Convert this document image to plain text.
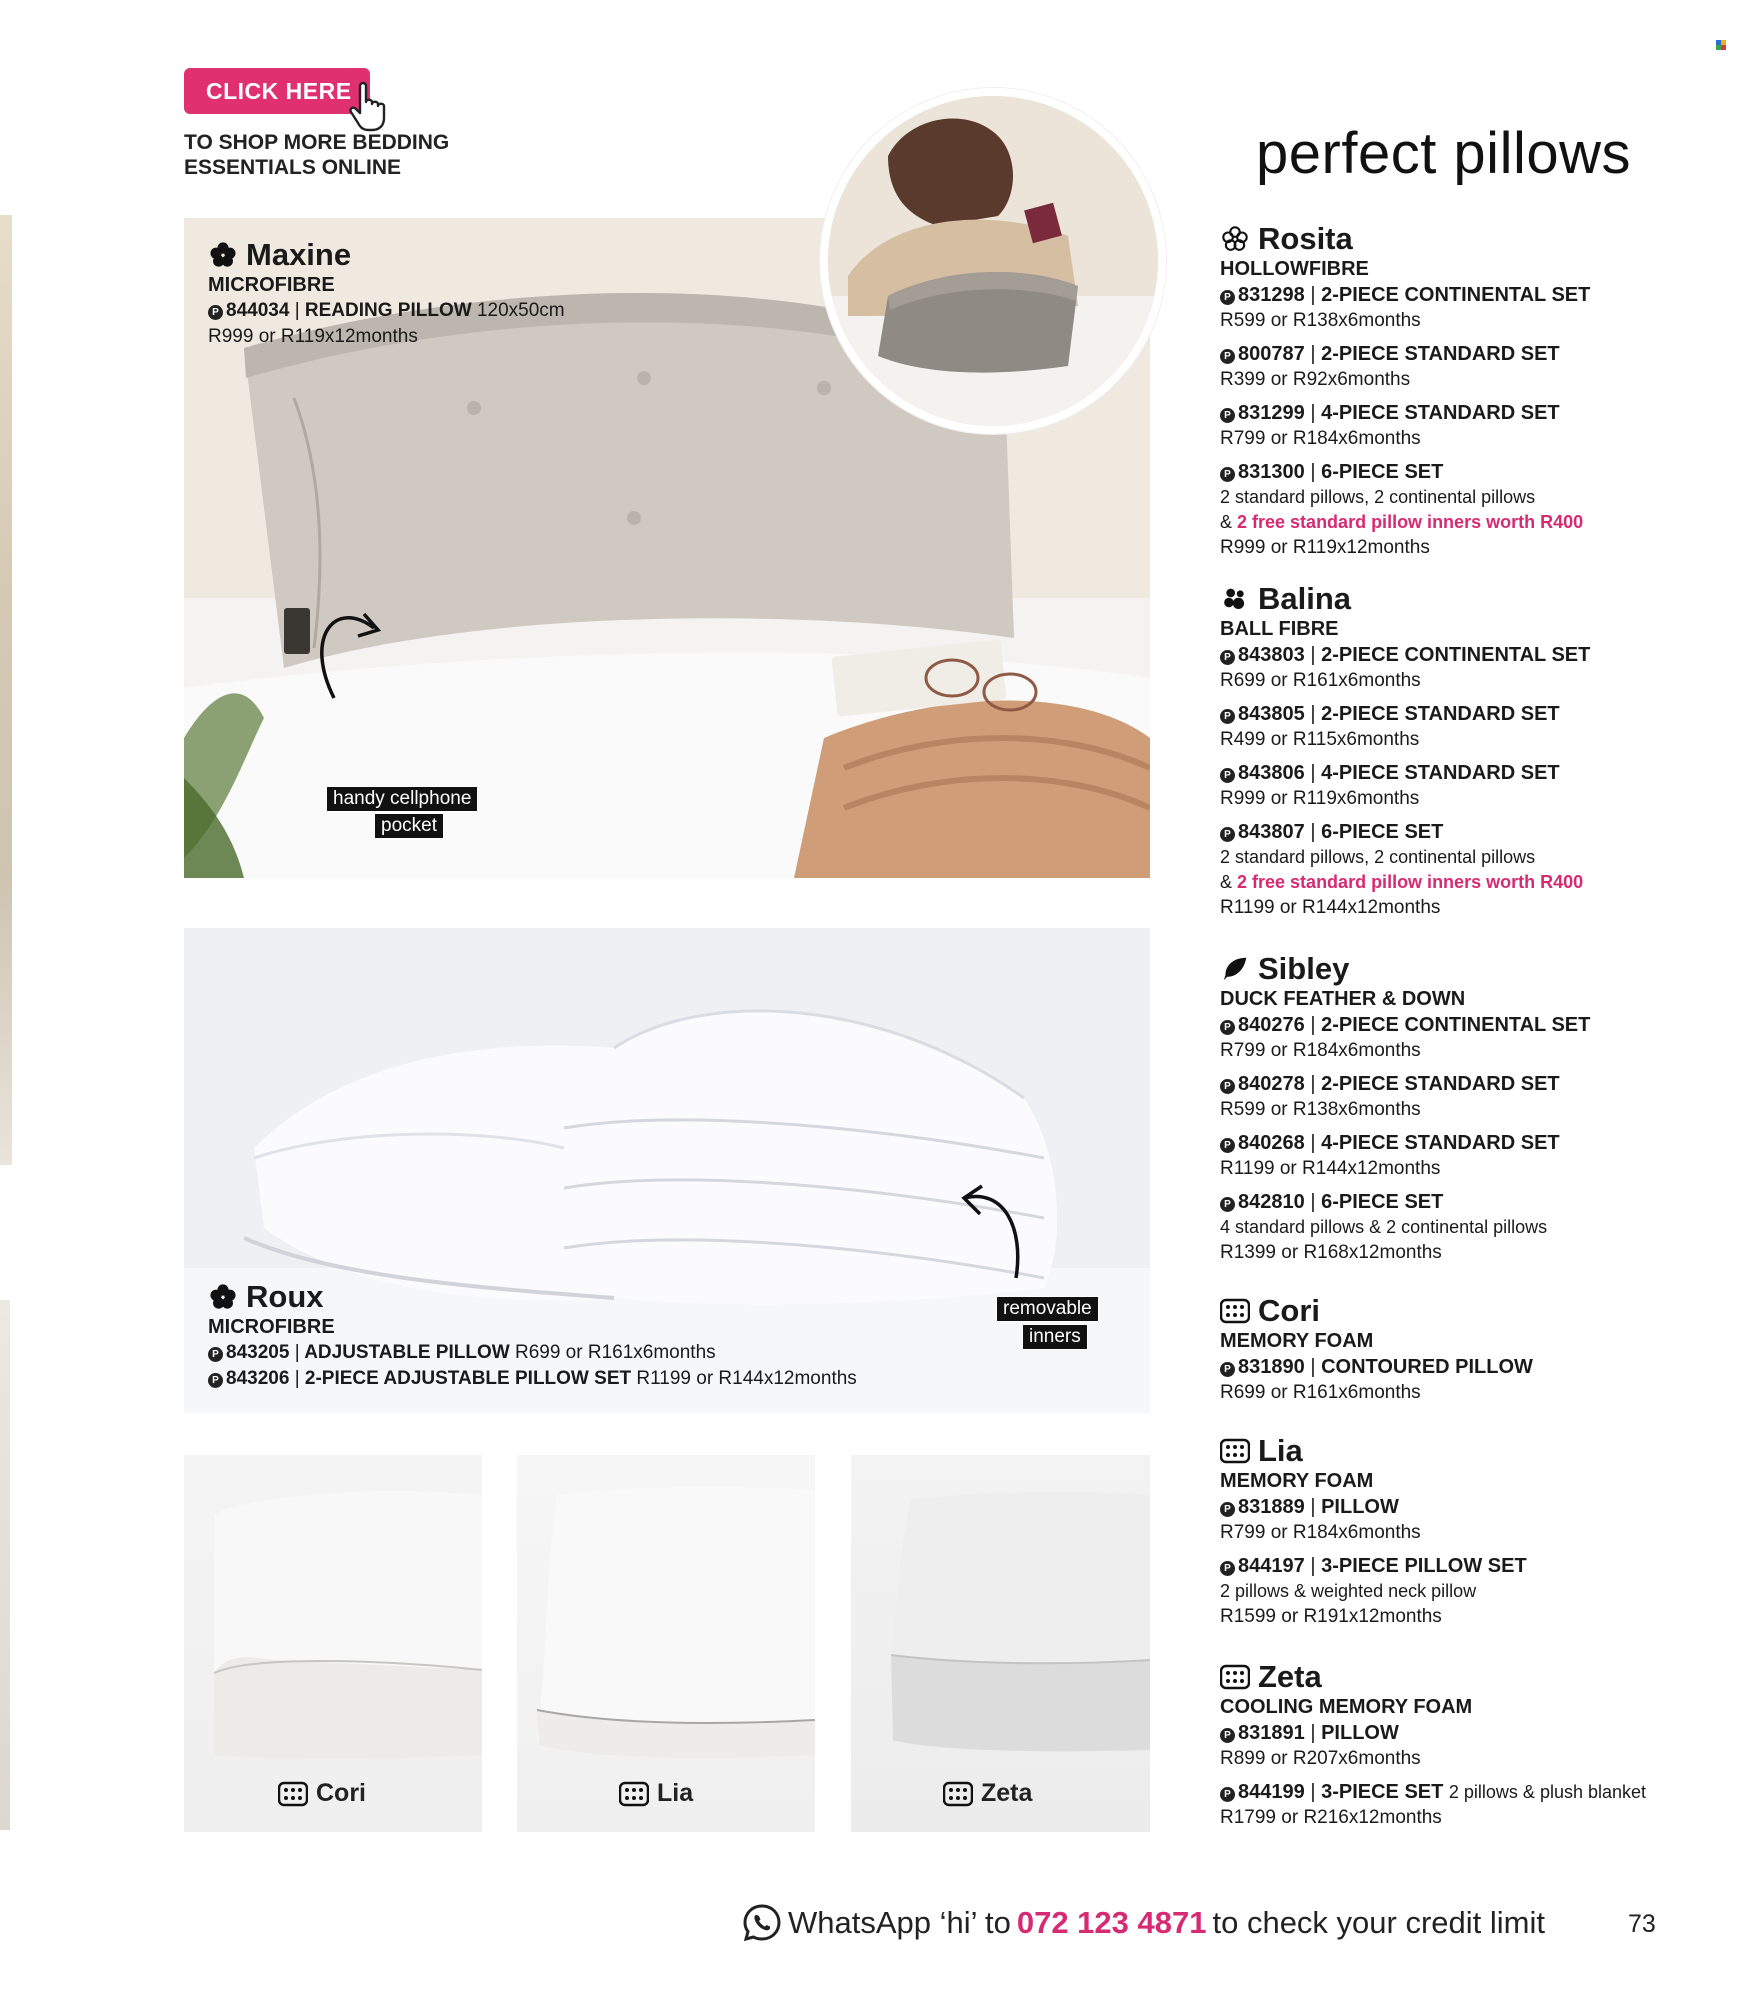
CLICK HERE
TO SHOP MORE BEDDING
ESSENTIALS ONLINE
Maxine
MICROFIBRE
P 844034 | READING PILLOW 120x50cm
R999 or R119x12months
handy cellphone
pocket
Roux
MICROFIBRE
P 843205 | ADJUSTABLE PILLOW R699 or R161x6months
P 843206 | 2-PIECE ADJUSTABLE PILLOW SET R1199 or R144x12months
removable
inners
Cori	Lia	Zeta
perfect pillows
Rosita
HOLLOWFIBRE
P 831298 | 2-PIECE CONTINENTAL SET
R599 or R138x6months
P 800787 | 2-PIECE STANDARD SET
R399 or R92x6months
P 831299 | 4-PIECE STANDARD SET
R799 or R184x6months
P 831300 | 6-PIECE SET
2 standard pillows, 2 continental pillows
& 2 free standard pillow inners worth R400
R999 or R119x12months
Balina
BALL FIBRE
P 843803 | 2-PIECE CONTINENTAL SET
R699 or R161x6months
P 843805 | 2-PIECE STANDARD SET
R499 or R115x6months
P 843806 | 4-PIECE STANDARD SET
R999 or R119x6months
P 843807 | 6-PIECE SET
2 standard pillows, 2 continental pillows
& 2 free standard pillow inners worth R400
R1199 or R144x12months
Sibley
DUCK FEATHER & DOWN
P 840276 | 2-PIECE CONTINENTAL SET
R799 or R184x6months
P 840278 | 2-PIECE STANDARD SET
R599 or R138x6months
P 840268 | 4-PIECE STANDARD SET
R1199 or R144x12months
P 842810 | 6-PIECE SET
4 standard pillows & 2 continental pillows
R1399 or R168x12months
Cori
MEMORY FOAM
P 831890 | CONTOURED PILLOW
R699 or R161x6months
Lia
MEMORY FOAM
P 831889 | PILLOW
R799 or R184x6months
P 844197 | 3-PIECE PILLOW SET
2 pillows & weighted neck pillow
R1599 or R191x12months
Zeta
COOLING MEMORY FOAM
P 831891 | PILLOW
R899 or R207x6months
P 844199 | 3-PIECE SET 2 pillows & plush blanket
R1799 or R216x12months
WhatsApp ‘hi’ to 072 123 4871 to check your credit limit	73
